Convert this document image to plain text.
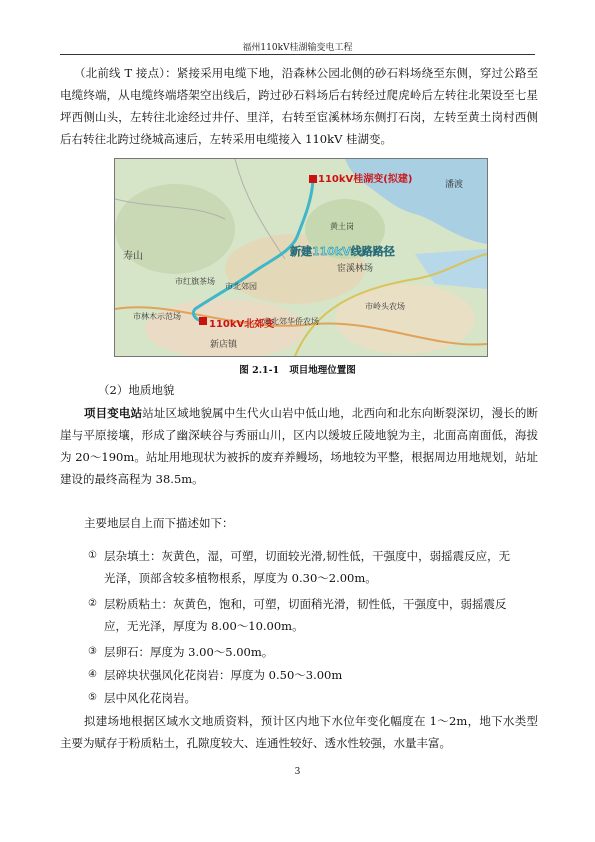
福州110kV桂湖输变电工程
（北前线 T 接点）：紧接采用电缆下地，沿森林公园北侧的砂石料场绕至东侧，穿过公路至电缆终端，从电缆终端塔架空出线后，跨过砂石料场后右转经过爬虎岭后左转往北架设至七星坪西侧山头，左转往北途经过井仔、里洋，右转至宦溪林场东侧打石岗，左转至黄土岗村西侧后右转往北跨过绕城高速后，左转采用电缆接入 110kV 桂湖变。
110kV桂湖变(拟建)
新建110kV线路路径
110kV北郊变
潘渡
寿山
宦溪林场
市北郊园
市红旗茶场
市北郊华侨农场
市岭头农场
新店镇
市林木示范场
黄土岗
图 2.1-1 项目地理位置图
（2）地质地貌
项目变电站站址区域地貌属中生代火山岩中低山地，北西向和北东向断裂深切，漫长的断崖与平原接壤，形成了幽深峡谷与秀丽山川，区内以缓坡丘陵地貌为主，北面高南面低，海拔为 20～190m。站址用地现状为被拆的废弃养鳗场，场地较为平整，根据周边用地规划，站址建设的最终高程为 38.5m。
主要地层自上而下描述如下：
① 层杂填土：灰黄色，湿，可塑，切面较光滑,韧性低，干强度中，弱摇震反应，无
光泽，顶部含较多植物根系，厚度为 0.30～2.00m。
② 层粉质粘土：灰黄色，饱和，可塑，切面稍光滑，韧性低，干强度中，弱摇震反
应，无光泽，厚度为 8.00～10.00m。
③ 层卵石：厚度为 3.00～5.00m。
④ 层碎块状强风化花岗岩：厚度为 0.50～3.00m
⑤ 层中风化花岗岩。
拟建场地根据区域水文地质资料，预计区内地下水位年变化幅度在 1～2m，地下水类型主要为赋存于粉质粘土，孔隙度较大、连通性较好、透水性较强，水量丰富。
3
